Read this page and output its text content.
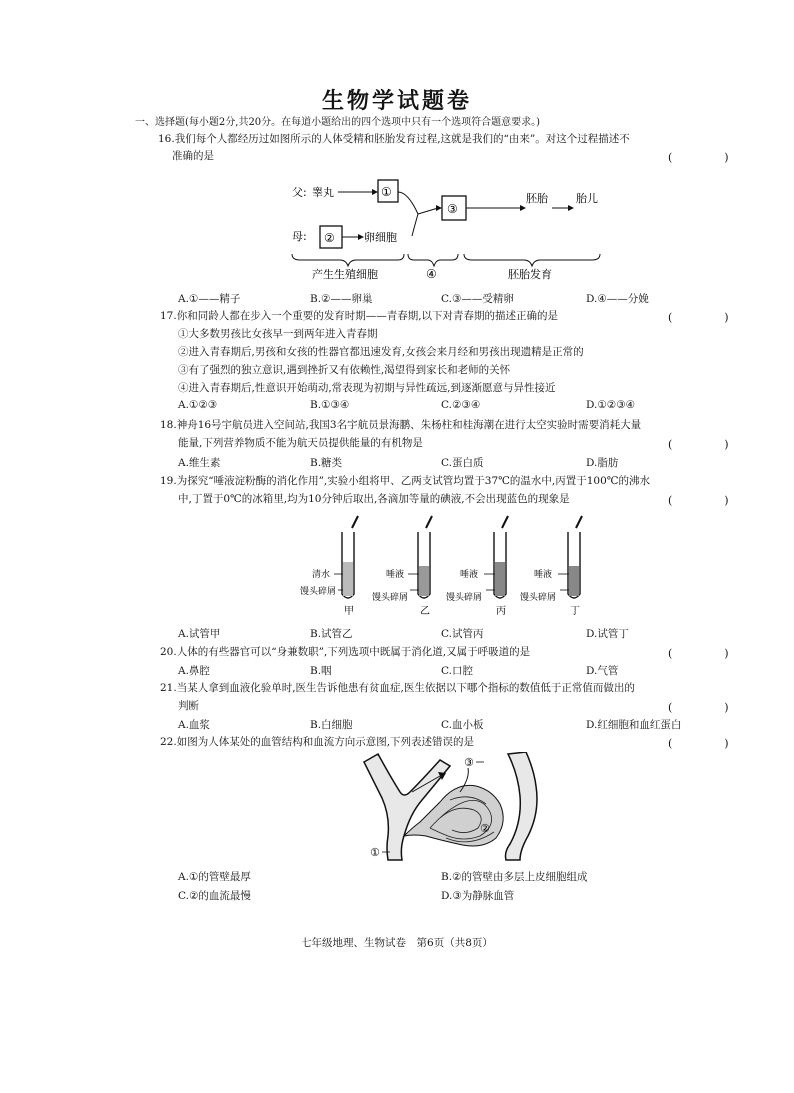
生物学试题卷
一、选择题(每小题2分,共20分。在每道小题给出的四个选项中只有一个选项符合题意要求。)
16.我们每个人都经历过如图所示的人体受精和胚胎发育过程,这就是我们的“由来”。对这个过程描述不
准确的是	(　　)
父: 睾丸	①
③
胚胎	胎儿
母: ②	卵细胞
产生生殖细胞	④	胚胎发育
A.①——精子	B.②——卵巢	C.③——受精卵	D.④——分娩
17.你和同龄人都在步入一个重要的发育时期——青春期,以下对青春期的描述正确的是	(　　)
①大多数男孩比女孩早一到两年进入青春期
②进入青春期后,男孩和女孩的性器官都迅速发育,女孩会来月经和男孩出现遗精是正常的
③有了强烈的独立意识,遇到挫折又有依赖性,渴望得到家长和老师的关怀
④进入青春期后,性意识开始萌动,常表现为初期与异性疏远,到逐渐愿意与异性接近
A.①②③	B.①③④	C.②③④	D.①②③④
18.神舟16号宇航员进入空间站,我国3名宇航员景海鹏、朱杨柱和桂海潮在进行太空实验时需要消耗大量
能量,下列营养物质不能为航天员提供能量的有机物是	(　　)
A.维生素	B.糖类	C.蛋白质	D.脂肪
19.为探究“唾液淀粉酶的消化作用”,实验小组将甲、乙两支试管均置于37℃的温水中,丙置于100℃的沸水
中,丁置于0℃的冰箱里,均为10分钟后取出,各滴加等量的碘液,不会出现蓝色的现象是	(　　)
清水
馒头碎屑
甲
唾液
馒头碎屑
乙
唾液
馒头碎屑
丙
唾液
馒头碎屑
丁
A.试管甲	B.试管乙	C.试管丙	D.试管丁
20.人体的有些器官可以“身兼数职”,下列选项中既属于消化道,又属于呼吸道的是	(　　)
A.鼻腔	B.咽	C.口腔	D.气管
21.当某人拿到血液化验单时,医生告诉他患有贫血症,医生依据以下哪个指标的数值低于正常值而做出的
判断	(　　)
A.血浆	B.白细胞	C.血小板	D.红细胞和血红蛋白
22.如图为人体某处的血管结构和血流方向示意图,下列表述错误的是	(　　)
③
②
①
A.①的管壁最厚	B.②的管壁由多层上皮细胞组成
C.②的血流最慢	D.③为静脉血管
七年级地理、生物试卷　第6页（共8页）
